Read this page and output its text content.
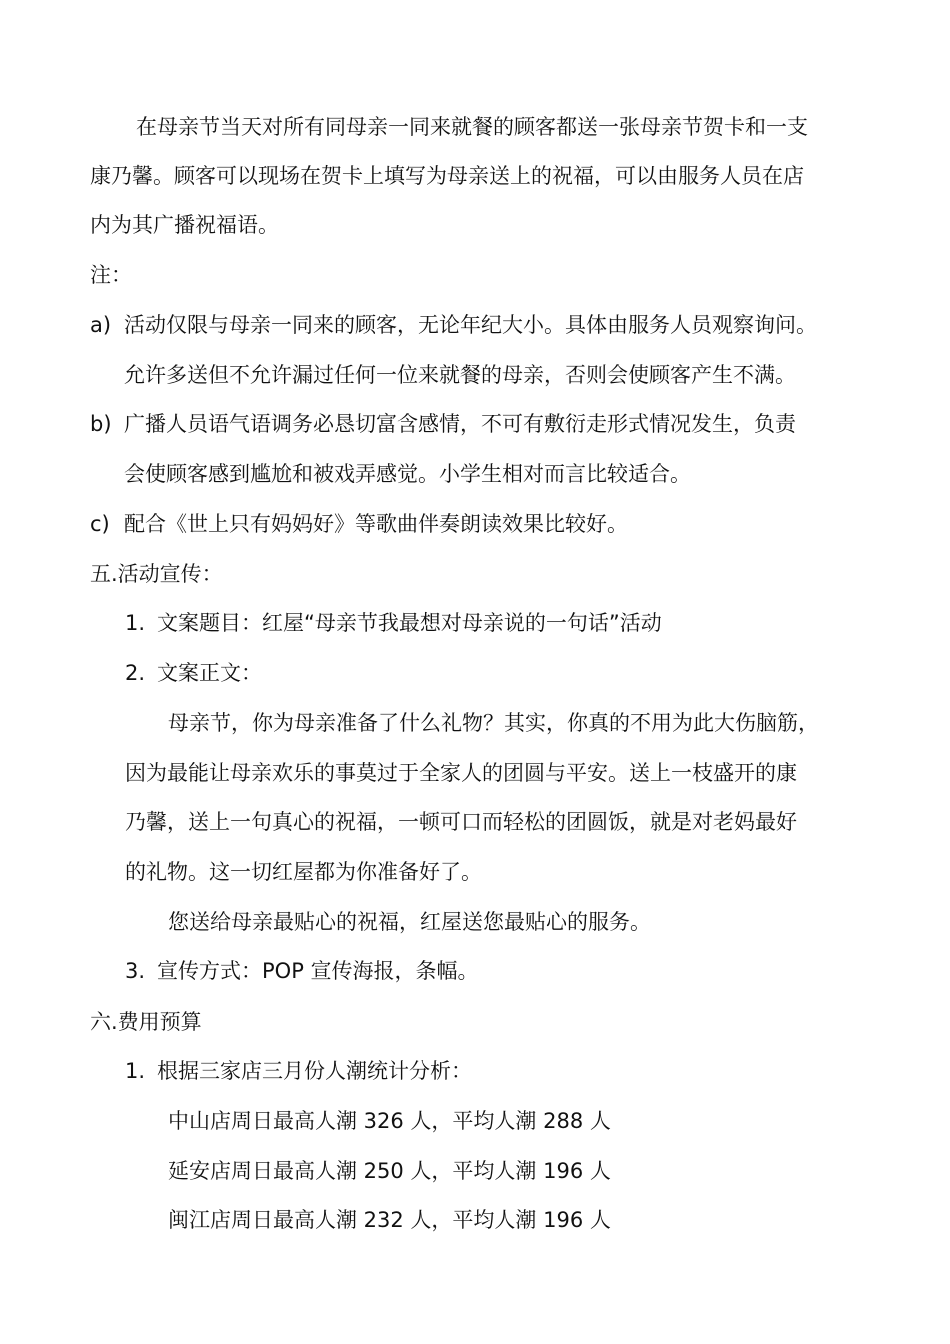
在母亲节当天对所有同母亲一同来就餐的顾客都送一张母亲节贺卡和一支
康乃馨。顾客可以现场在贺卡上填写为母亲送上的祝福，可以由服务人员在店
内为其广播祝福语。
注：
a) 活动仅限与母亲一同来的顾客，无论年纪大小。具体由服务人员观察询问。
允许多送但不允许漏过任何一位来就餐的母亲，否则会使顾客产生不满。
b) 广播人员语气语调务必恳切富含感情，不可有敷衍走形式情况发生，负责
会使顾客感到尴尬和被戏弄感觉。小学生相对而言比较适合。
c) 配合《世上只有妈妈好》等歌曲伴奏朗读效果比较好。
五.活动宣传：
1. 文案题目：红屋“母亲节我最想对母亲说的一句话”活动
2. 文案正文：
母亲节，你为母亲准备了什么礼物？其实，你真的不用为此大伤脑筋，
因为最能让母亲欢乐的事莫过于全家人的团圆与平安。送上一枝盛开的康
乃馨，送上一句真心的祝福，一顿可口而轻松的团圆饭，就是对老妈最好
的礼物。这一切红屋都为你准备好了。
您送给母亲最贴心的祝福，红屋送您最贴心的服务。
3. 宣传方式：POP 宣传海报，条幅。
六.费用预算
1. 根据三家店三月份人潮统计分析：
中山店周日最高人潮 326 人，平均人潮 288 人
延安店周日最高人潮 250 人，平均人潮 196 人
闽江店周日最高人潮 232 人，平均人潮 196 人
